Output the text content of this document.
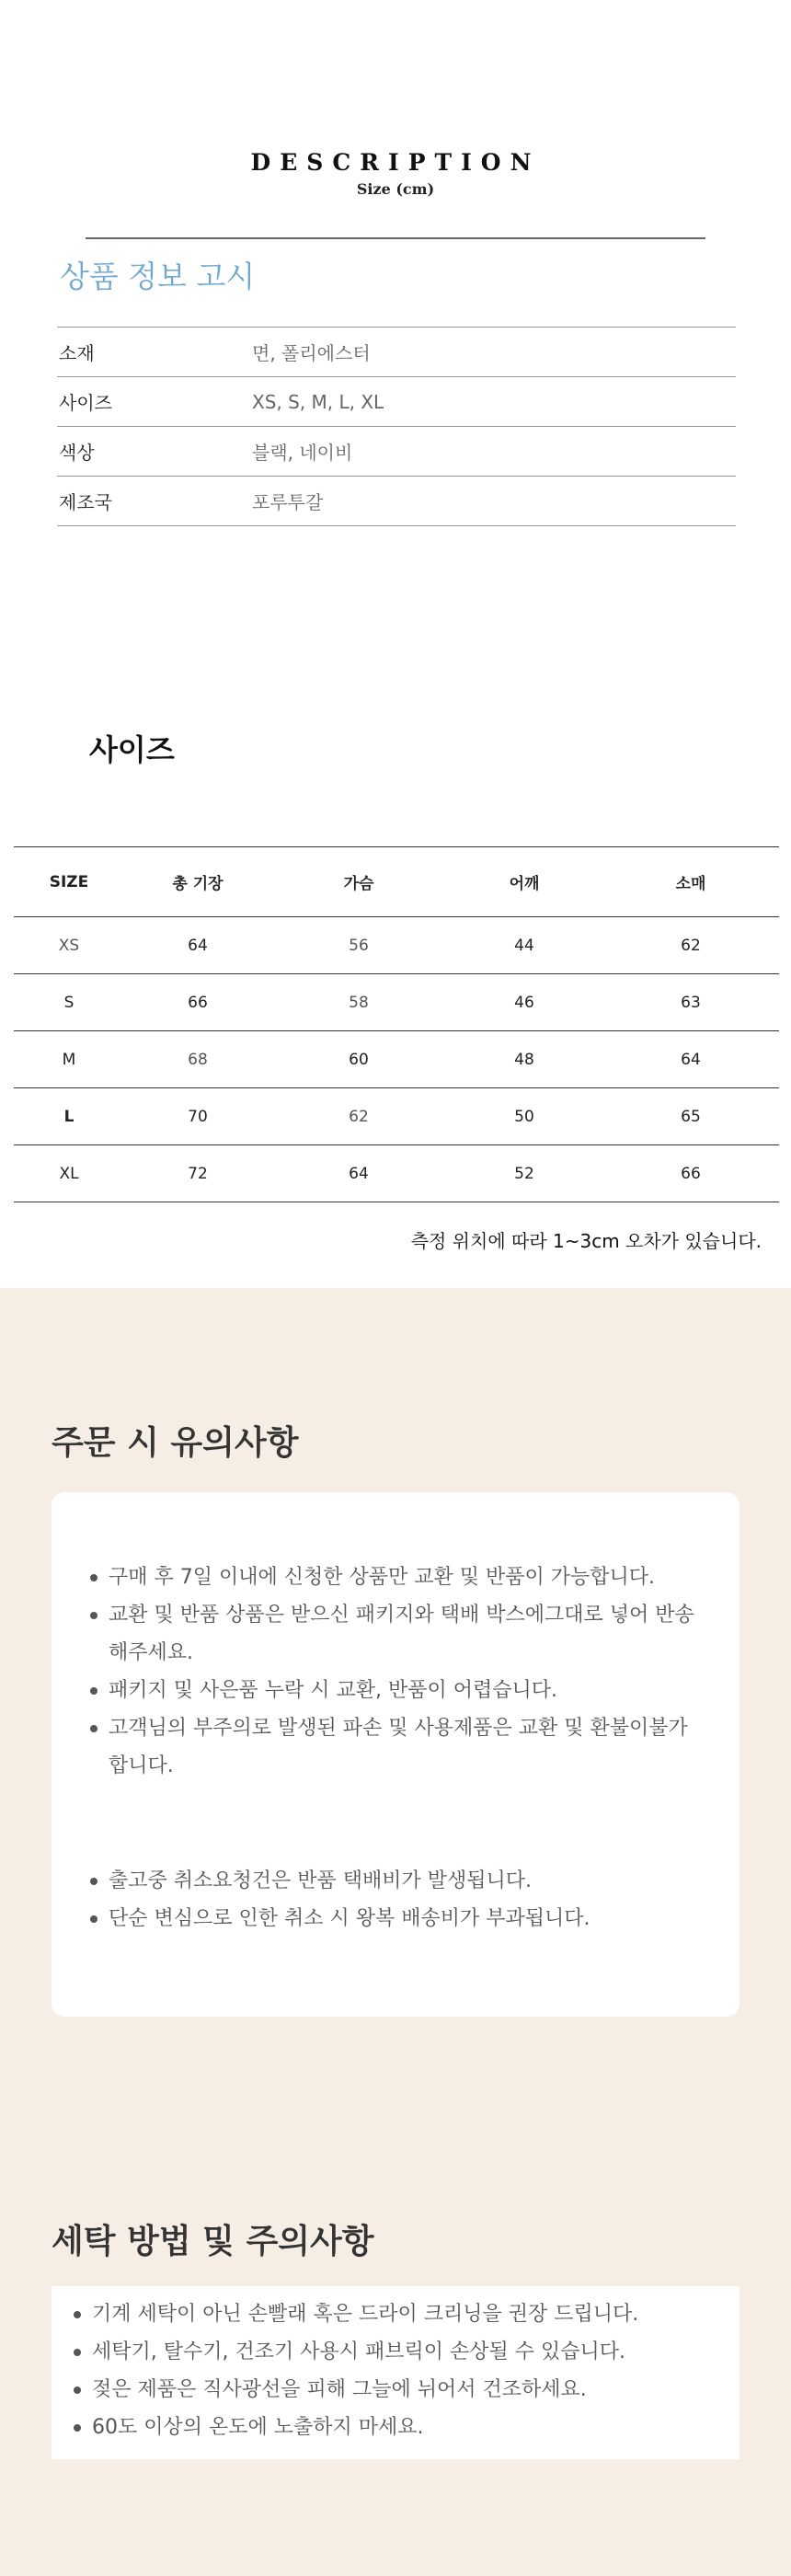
DESCRIPTION
Size (cm)
상품 정보 고시
소재	면, 폴리에스터
사이즈	XS, S, M, L, XL
색상	블랙, 네이비
제조국	포루투갈
사이즈
SIZE	총 기장	가슴	어깨	소매
XS	64	56	44	62
S	66	58	46	63
M	68	60	48	64
L	70	62	50	65
XL	72	64	52	66
측정 위치에 따라 1~3cm 오차가 있습니다.
주문 시 유의사항
구매 후 7일 이내에 신청한 상품만 교환 및 반품이 가능합니다.
교환 및 반품 상품은 받으신 패키지와 택배 박스에그대로 넣어 반송해주세요.
패키지 및 사은품 누락 시 교환, 반품이 어렵습니다.
고객님의 부주의로 발생된 파손 및 사용제품은 교환 및 환불이불가합니다.
출고중 취소요청건은 반품 택배비가 발생됩니다.
단순 변심으로 인한 취소 시 왕복 배송비가 부과됩니다.
세탁 방법 및 주의사항
기계 세탁이 아닌 손빨래 혹은 드라이 크리닝을 권장 드립니다.
세탁기, 탈수기, 건조기 사용시 패브릭이 손상될 수 있습니다.
젖은 제품은 직사광선을 피해 그늘에 뉘어서 건조하세요.
60도 이상의 온도에 노출하지 마세요.
